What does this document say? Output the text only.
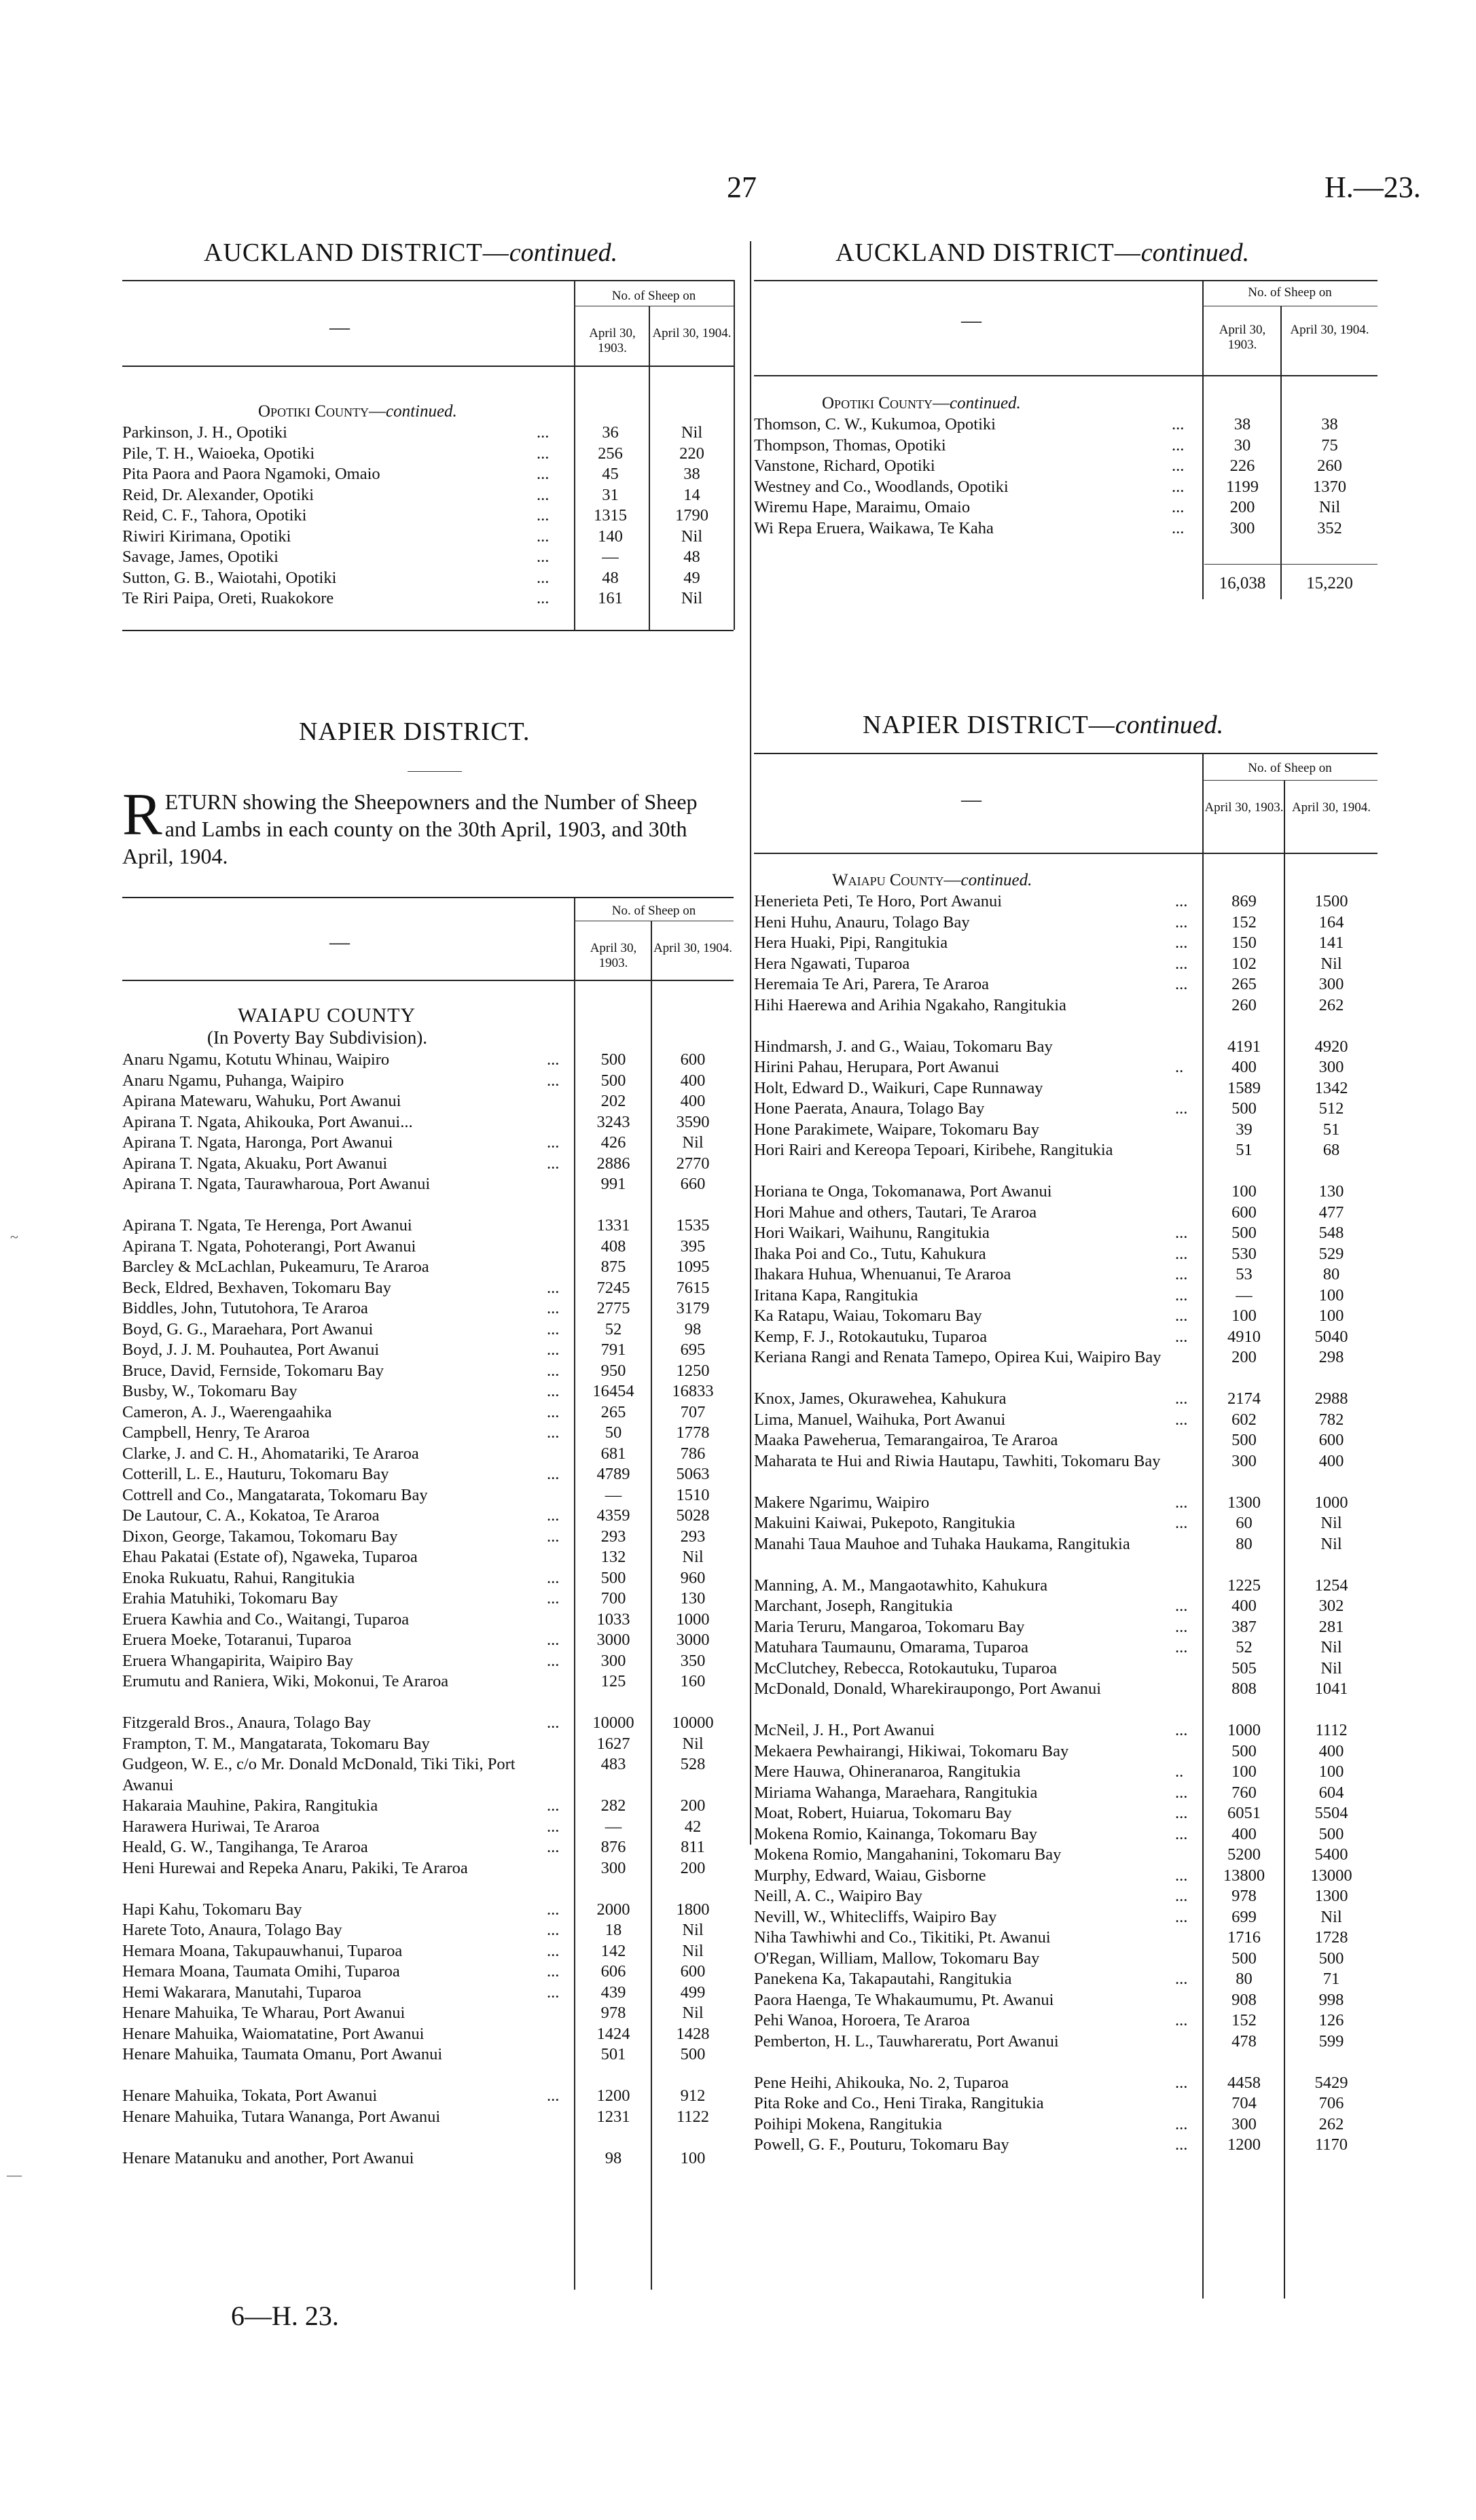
27	H.—23.
AUCKLAND DISTRICT—continued.
No. of Sheep on
April 30, 1903.
April 30, 1904.
—
Opotiki County—continued.
Parkinson, J. H., Opotiki	...	36	Nil
Pile, T. H., Waioeka, Opotiki	...	256	220
Pita Paora and Paora Ngamoki, Omaio	...	45	38
Reid, Dr. Alexander, Opotiki	...	31	14
Reid, C. F., Tahora, Opotiki	...	1315	1790
Riwiri Kirimana, Opotiki	...	140	Nil
Savage, James, Opotiki	...	—	48
Sutton, G. B., Waiotahi, Opotiki	...	48	49
Te Riri Paipa, Oreti, Ruakokore	...	161	Nil
AUCKLAND DISTRICT—continued.
No. of Sheep on
April 30, 1903.
April 30, 1904.
—
Opotiki County—continued.
Thomson, C. W., Kukumoa, Opotiki	...	38	38
Thompson, Thomas, Opotiki	...	30	75
Vanstone, Richard, Opotiki	...	226	260
Westney and Co., Woodlands, Opotiki	...	1199	1370
Wiremu Hape, Maraimu, Omaio	...	200	Nil
Wi Repa Eruera, Waikawa, Te Kaha	...	300	352
16,038	15,220
NAPIER DISTRICT.
RETURN showing the Sheepowners and the Number of Sheep and Lambs in each county on the 30th April, 1903, and 30th April, 1904.
No. of Sheep on
April 30, 1903.
April 30, 1904.
—
WAIAPU COUNTY
(In Poverty Bay Subdivision).
Anaru Ngamu, Kotutu Whinau, Waipiro	...	500	600
Anaru Ngamu, Puhanga, Waipiro	...	500	400
Apirana Matewaru, Wahuku, Port Awanui	202	400
Apirana T. Ngata, Ahikouka, Port Awanui...	3243	3590
Apirana T. Ngata, Haronga, Port Awanui	...	426	Nil
Apirana T. Ngata, Akuaku, Port Awanui	...	2886	2770
Apirana T. Ngata, Taurawharoua, Port Awanui	991	660
Apirana T. Ngata, Te Herenga, Port Awanui	1331	1535
Apirana T. Ngata, Pohoterangi, Port Awanui	408	395
Barcley & McLachlan, Pukeamuru, Te Araroa	875	1095
Beck, Eldred, Bexhaven, Tokomaru Bay	...	7245	7615
Biddles, John, Tututohora, Te Araroa	...	2775	3179
Boyd, G. G., Maraehara, Port Awanui	...	52	98
Boyd, J. J. M. Pouhautea, Port Awanui	...	791	695
Bruce, David, Fernside, Tokomaru Bay	...	950	1250
Busby, W., Tokomaru Bay	...	16454	16833
Cameron, A. J., Waerengaahika	...	265	707
Campbell, Henry, Te Araroa	...	50	1778
Clarke, J. and C. H., Ahomatariki, Te Araroa	681	786
Cotterill, L. E., Hauturu, Tokomaru Bay	...	4789	5063
Cottrell and Co., Mangatarata, Tokomaru Bay	—	1510
De Lautour, C. A., Kokatoa, Te Araroa	...	4359	5028
Dixon, George, Takamou, Tokomaru Bay	...	293	293
Ehau Pakatai (Estate of), Ngaweka, Tuparoa	132	Nil
Enoka Rukuatu, Rahui, Rangitukia	...	500	960
Erahia Matuhiki, Tokomaru Bay	...	700	130
Eruera Kawhia and Co., Waitangi, Tuparoa	1033	1000
Eruera Moeke, Totaranui, Tuparoa	...	3000	3000
Eruera Whangapirita, Waipiro Bay	...	300	350
Erumutu and Raniera, Wiki, Mokonui, Te Araroa	125	160
Fitzgerald Bros., Anaura, Tolago Bay	...	10000	10000
Frampton, T. M., Mangatarata, Tokomaru Bay	1627	Nil
Gudgeon, W. E., c/o Mr. Donald McDonald, Tiki Tiki, Port Awanui
483	528
Hakaraia Mauhine, Pakira, Rangitukia	...	282	200
Harawera Huriwai, Te Araroa	...	—	42
Heald, G. W., Tangihanga, Te Araroa	...	876	811
Heni Hurewai and Repeka Anaru, Pakiki, Te Araroa	300	200
Hapi Kahu, Tokomaru Bay	...	2000	1800
Harete Toto, Anaura, Tolago Bay	...	18	Nil
Hemara Moana, Takupauwhanui, Tuparoa	...	142	Nil
Hemara Moana, Taumata Omihi, Tuparoa	...	606	600
Hemi Wakarara, Manutahi, Tuparoa	...	439	499
Henare Mahuika, Te Wharau, Port Awanui	978	Nil
Henare Mahuika, Waiomatatine, Port Awanui	1424	1428
Henare Mahuika, Taumata Omanu, Port Awanui	501	500
Henare Mahuika, Tokata, Port Awanui	...	1200	912
Henare Mahuika, Tutara Wananga, Port Awanui	1231	1122
Henare Matanuku and another, Port Awanui	98	100
6—H. 23.
~
—
NAPIER DISTRICT—continued.
No. of Sheep on
April 30, 1903. April 30, 1904.
—
Waiapu County—continued.
Henerieta Peti, Te Horo, Port Awanui	...	869	1500
Heni Huhu, Anauru, Tolago Bay	...	152	164
Hera Huaki, Pipi, Rangitukia	...	150	141
Hera Ngawati, Tuparoa	...	102	Nil
Heremaia Te Ari, Parera, Te Araroa	...	265	300
Hihi Haerewa and Arihia Ngakaho, Rangitukia	260	262
Hindmarsh, J. and G., Waiau, Tokomaru Bay	4191	4920
Hirini Pahau, Herupara, Port Awanui	..	400	300
Holt, Edward D., Waikuri, Cape Runnaway	1589	1342
Hone Paerata, Anaura, Tolago Bay	...	500	512
Hone Parakimete, Waipare, Tokomaru Bay	39	51
Hori Rairi and Kereopa Tepoari, Kiribehe, Rangitukia	51	68
Horiana te Onga, Tokomanawa, Port Awanui	100	130
Hori Mahue and others, Tautari, Te Araroa	600	477
Hori Waikari, Waihunu, Rangitukia	...	500	548
Ihaka Poi and Co., Tutu, Kahukura	...	530	529
Ihakara Huhua, Whenuanui, Te Araroa	...	53	80
Iritana Kapa, Rangitukia	...	—	100
Ka Ratapu, Waiau, Tokomaru Bay	...	100	100
Kemp, F. J., Rotokautuku, Tuparoa	...	4910	5040
Keriana Rangi and Renata Tamepo, Opirea Kui, Waipiro Bay	200	298
Knox, James, Okurawehea, Kahukura	...	2174	2988
Lima, Manuel, Waihuka, Port Awanui	...	602	782
Maaka Paweherua, Temarangairoa, Te Araroa	500	600
Maharata te Hui and Riwia Hautapu, Tawhiti, Tokomaru Bay	300	400
Makere Ngarimu, Waipiro	...	1300	1000
Makuini Kaiwai, Pukepoto, Rangitukia	...	60	Nil
Manahi Taua Mauhoe and Tuhaka Haukama, Rangitukia	80	Nil
Manning, A. M., Mangaotawhito, Kahukura	1225	1254
Marchant, Joseph, Rangitukia	...	400	302
Maria Teruru, Mangaroa, Tokomaru Bay	...	387	281
Matuhara Taumaunu, Omarama, Tuparoa	...	52	Nil
McClutchey, Rebecca, Rotokautuku, Tuparoa	505	Nil
McDonald, Donald, Wharekiraupongo, Port Awanui	808	1041
McNeil, J. H., Port Awanui	...	1000	1112
Mekaera Pewhairangi, Hikiwai, Tokomaru Bay	500	400
Mere Hauwa, Ohineranaroa, Rangitukia	..	100	100
Miriama Wahanga, Maraehara, Rangitukia	...	760	604
Moat, Robert, Huiarua, Tokomaru Bay	...	6051	5504
Mokena Romio, Kainanga, Tokomaru Bay	...	400	500
Mokena Romio, Mangahanini, Tokomaru Bay	5200	5400
Murphy, Edward, Waiau, Gisborne	...	13800	13000
Neill, A. C., Waipiro Bay	...	978	1300
Nevill, W., Whitecliffs, Waipiro Bay	...	699	Nil
Niha Tawhiwhi and Co., Tikitiki, Pt. Awanui	1716	1728
O'Regan, William, Mallow, Tokomaru Bay	500	500
Panekena Ka, Takapautahi, Rangitukia	...	80	71
Paora Haenga, Te Whakaumumu, Pt. Awanui	908	998
Pehi Wanoa, Horoera, Te Araroa	...	152	126
Pemberton, H. L., Tauwhareratu, Port Awanui	478	599
Pene Heihi, Ahikouka, No. 2, Tuparoa	...	4458	5429
Pita Roke and Co., Heni Tiraka, Rangitukia	704	706
Poihipi Mokena, Rangitukia	...	300	262
Powell, G. F., Pouturu, Tokomaru Bay	...	1200	1170
